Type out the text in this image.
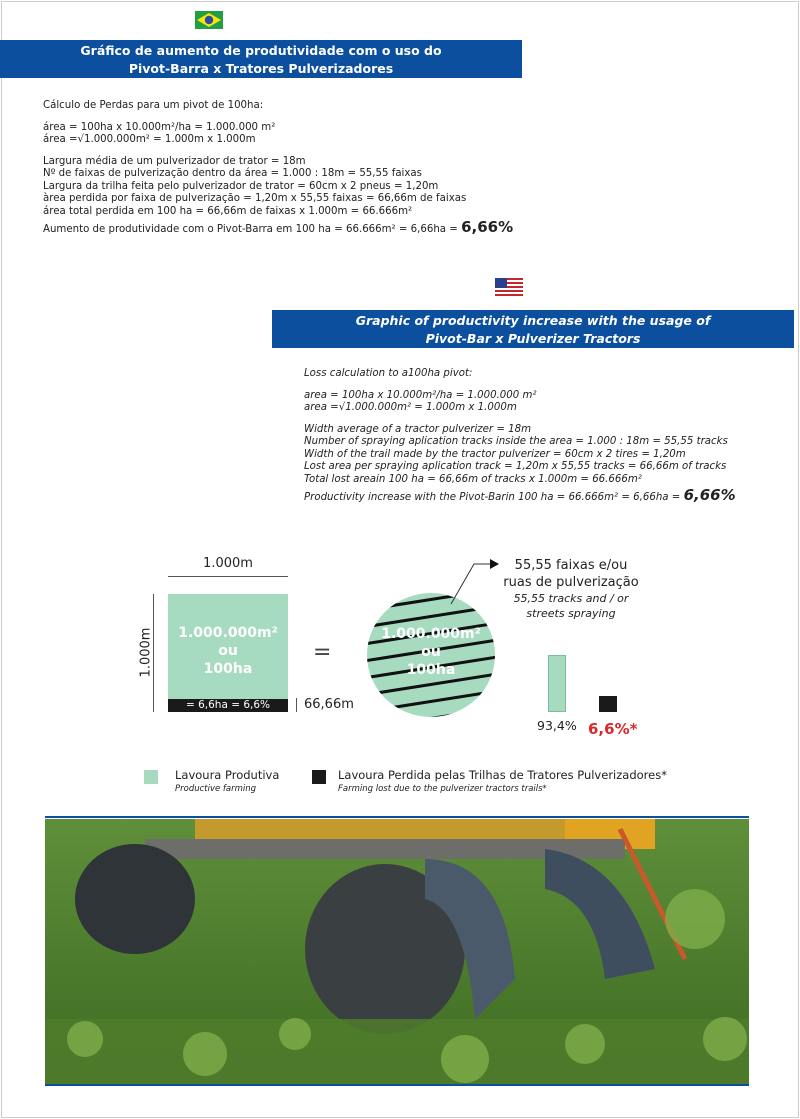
Gráfico de aumento de produtividade com o uso do
Pivot-Barra x Tratores Pulverizadores

Cálculo de Perdas para um pivot de 100ha:

área = 100ha x 10.000m²/ha = 1.000.000 m²

área =√1.000.000m² = 1.000m x 1.000m

Largura média de um pulverizador de trator = 18m

Nº de faixas de pulverização dentro da área = 1.000 : 18m = 55,55 faixas

Largura da trilha feita pelo pulverizador de trator = 60cm x 2 pneus = 1,20m

àrea perdida por faixa de pulverização = 1,20m x 55,55 faixas = 66,66m de faixas

área total perdida em 100 ha = 66,66m de faixas x 1.000m = 66.666m²

Aumento de produtividade com o Pivot-Barra em 100 ha = 66.666m² = 6,66ha = 6,66%

Graphic of productivity increase with the usage of
Pivot-Bar x Pulverizer Tractors

Loss calculation to a100ha pivot:

area = 100ha x 10.000m²/ha = 1.000.000 m²

area =√1.000.000m² = 1.000m x 1.000m

Width average of a tractor pulverizer = 18m

Number of spraying aplication tracks inside the area = 1.000 : 18m = 55,55 tracks

Width of the trail made by the tractor pulverizer = 60cm x 2 tires = 1,20m

Lost area per spraying aplication track = 1,20m x 55,55 tracks = 66,66m of tracks

Total lost areain 100 ha = 66,66m of tracks x 1.000m = 66.666m²

Productivity increase with the Pivot-Barin 100 ha = 66.666m² = 6,66ha = 6,66%

1.000m
1.000m	1.000.000m²
ou
100ha
= 6,6ha = 6,6%	66,66m
=
1.000.000m²
ou
100ha
55,55 faixas e/ou
ruas de pulverização
55,55 tracks and / or
streets spraying
93,4% 6,6%*
Lavoura Produtiva
Productive farming
Lavoura Perdida pelas Trilhas de Tratores Pulverizadores*
Farming lost due to the pulverizer tractors trails*
